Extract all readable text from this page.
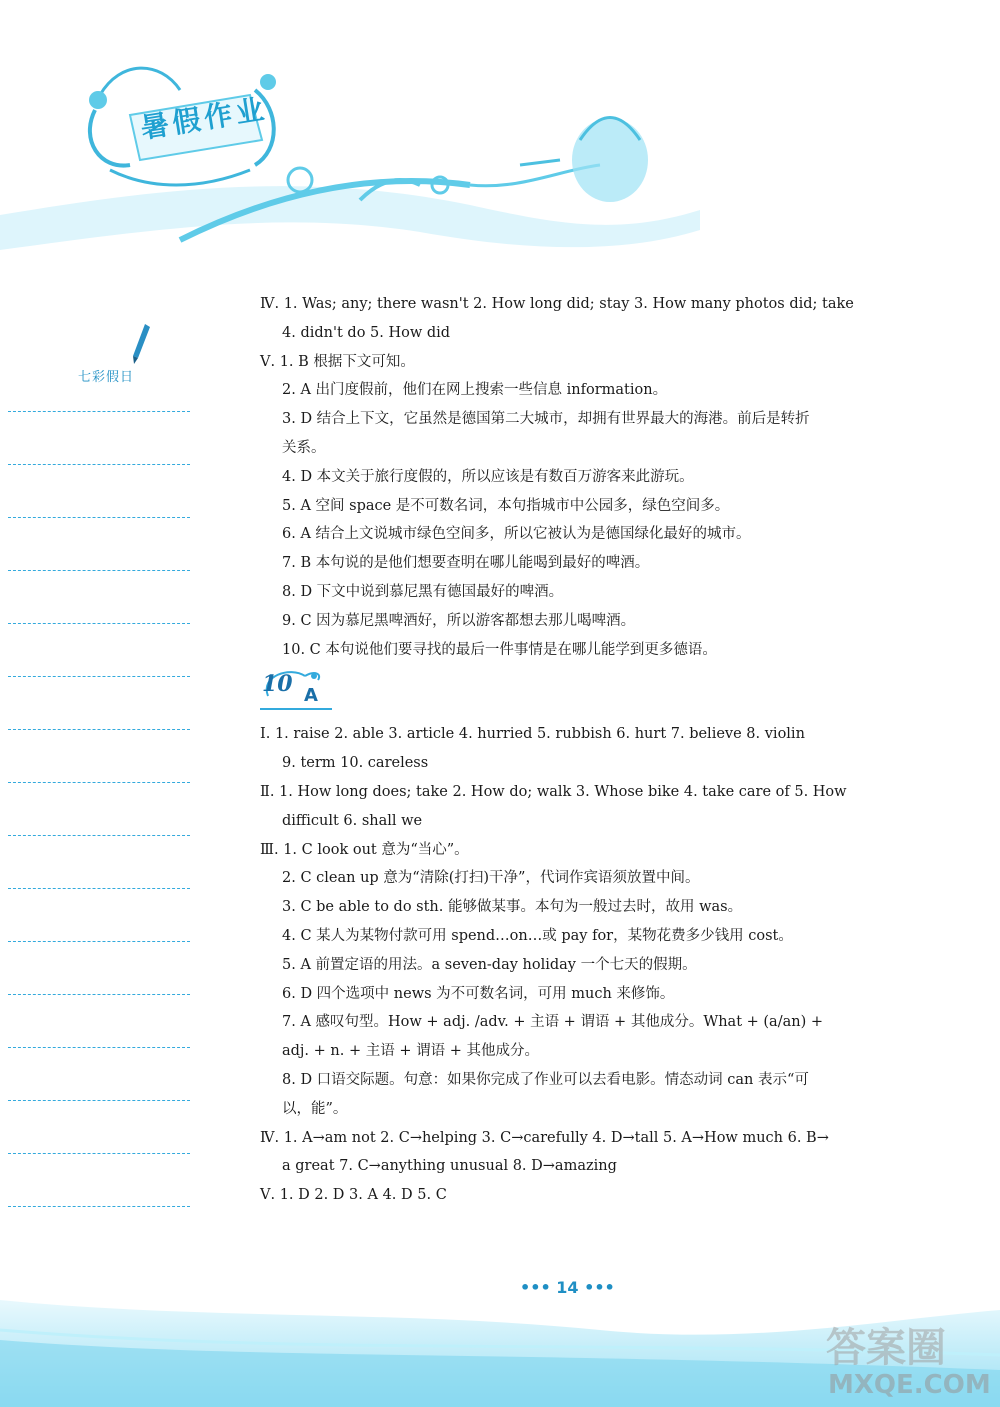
暑假作业
七彩假日
Ⅳ. 1. Was; any; there wasn't 2. How long did; stay 3. How many photos did; take
4. didn't do 5. How did
Ⅴ. 1. B 根据下文可知。
2. A 出门度假前，他们在网上搜索一些信息 information。
3. D 结合上下文，它虽然是德国第二大城市，却拥有世界最大的海港。前后是转折
关系。
4. D 本文关于旅行度假的，所以应该是有数百万游客来此游玩。
5. A 空间 space 是不可数名词，本句指城市中公园多，绿色空间多。
6. A 结合上文说城市绿色空间多，所以它被认为是德国绿化最好的城市。
7. B 本句说的是他们想要查明在哪儿能喝到最好的啤酒。
8. D 下文中说到慕尼黑有德国最好的啤酒。
9. C 因为慕尼黑啤酒好，所以游客都想去那儿喝啤酒。
10. C 本句说他们要寻找的最后一件事情是在哪儿能学到更多德语。
10 A
Ⅰ. 1. raise 2. able 3. article 4. hurried 5. rubbish 6. hurt 7. believe 8. violin
9. term 10. careless
Ⅱ. 1. How long does; take 2. How do; walk 3. Whose bike 4. take care of 5. How
difficult 6. shall we
Ⅲ. 1. C look out 意为“当心”。
2. C clean up 意为“清除(打扫)干净”，代词作宾语须放置中间。
3. C be able to do sth. 能够做某事。本句为一般过去时，故用 was。
4. C 某人为某物付款可用 spend…on…或 pay for，某物花费多少钱用 cost。
5. A 前置定语的用法。a seven-day holiday 一个七天的假期。
6. D 四个选项中 news 为不可数名词，可用 much 来修饰。
7. A 感叹句型。How + adj. /adv. + 主语 + 谓语 + 其他成分。What + (a/an) +
adj. + n. + 主语 + 谓语 + 其他成分。
8. D 口语交际题。句意：如果你完成了作业可以去看电影。情态动词 can 表示“可
以，能”。
Ⅳ. 1. A→am not 2. C→helping 3. C→carefully 4. D→tall 5. A→How much 6. B→
a great 7. C→anything unusual 8. D→amazing
Ⅴ. 1. D 2. D 3. A 4. D 5. C
••• 14 •••
答案圈
MXQE.COM
